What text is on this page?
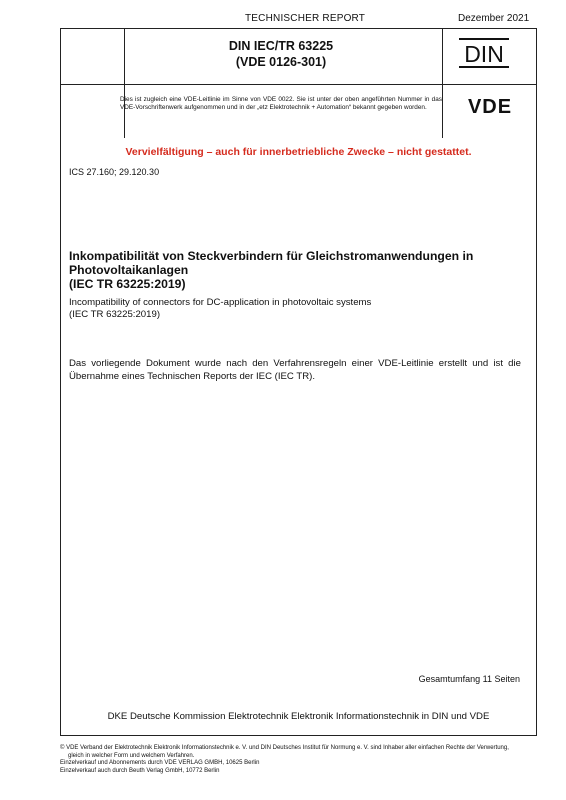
TECHNISCHER REPORT	Dezember 2021
DIN IEC/TR 63225
(VDE 0126-301)	DIN
Dies ist zugleich eine VDE-Leitlinie im Sinne von VDE 0022. Sie ist unter der oben angeführten Nummer in das VDE-Vorschriftenwerk aufgenommen und in der „etz Elektrotechnik + Automation“ bekannt gegeben worden.	VDE
Vervielfältigung – auch für innerbetriebliche Zwecke – nicht gestattet.
ICS 27.160; 29.120.30
Inkompatibilität von Steckverbindern für Gleichstromanwendungen in
Photovoltaikanlagen
(IEC TR 63225:2019)
Incompatibility of connectors for DC-application in photovoltaic systems
(IEC TR 63225:2019)
Das vorliegende Dokument wurde nach den Verfahrensregeln einer VDE-Leitlinie erstellt und ist die Übernahme eines Technischen Reports der IEC (IEC TR).
Gesamtumfang 11 Seiten
DKE Deutsche Kommission Elektrotechnik Elektronik Informationstechnik in DIN und VDE
© VDE Verband der Elektrotechnik Elektronik Informationstechnik e. V. und DIN Deutsches Institut für Normung e. V. sind Inhaber aller einfachen Rechte der Verwertung,
gleich in welcher Form und welchem Verfahren.
Einzelverkauf und Abonnements durch VDE VERLAG GMBH, 10625 Berlin
Einzelverkauf auch durch Beuth Verlag GmbH, 10772 Berlin
